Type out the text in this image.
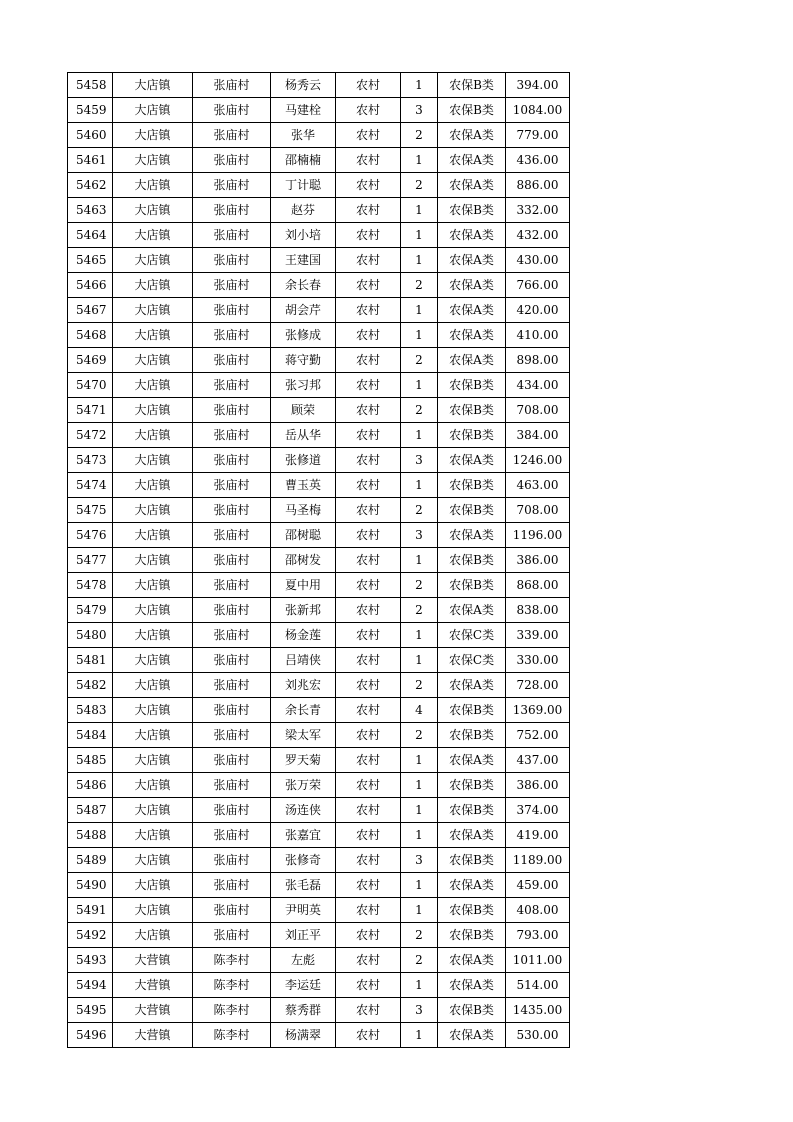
5458	大店镇	张庙村	杨秀云	农村	1	农保B类	394.00
5459	大店镇	张庙村	马建栓	农村	3	农保B类	1084.00
5460	大店镇	张庙村	张华	农村	2	农保A类	779.00
5461	大店镇	张庙村	邵楠楠	农村	1	农保A类	436.00
5462	大店镇	张庙村	丁计聪	农村	2	农保A类	886.00
5463	大店镇	张庙村	赵芬	农村	1	农保B类	332.00
5464	大店镇	张庙村	刘小培	农村	1	农保A类	432.00
5465	大店镇	张庙村	王建国	农村	1	农保A类	430.00
5466	大店镇	张庙村	余长春	农村	2	农保A类	766.00
5467	大店镇	张庙村	胡会芹	农村	1	农保A类	420.00
5468	大店镇	张庙村	张修成	农村	1	农保A类	410.00
5469	大店镇	张庙村	蒋守勤	农村	2	农保A类	898.00
5470	大店镇	张庙村	张习邦	农村	1	农保B类	434.00
5471	大店镇	张庙村	顾荣	农村	2	农保B类	708.00
5472	大店镇	张庙村	岳从华	农村	1	农保B类	384.00
5473	大店镇	张庙村	张修道	农村	3	农保A类	1246.00
5474	大店镇	张庙村	曹玉英	农村	1	农保B类	463.00
5475	大店镇	张庙村	马圣梅	农村	2	农保B类	708.00
5476	大店镇	张庙村	邵树聪	农村	3	农保A类	1196.00
5477	大店镇	张庙村	邵树发	农村	1	农保B类	386.00
5478	大店镇	张庙村	夏中用	农村	2	农保B类	868.00
5479	大店镇	张庙村	张新邦	农村	2	农保A类	838.00
5480	大店镇	张庙村	杨金莲	农村	1	农保C类	339.00
5481	大店镇	张庙村	吕靖侠	农村	1	农保C类	330.00
5482	大店镇	张庙村	刘兆宏	农村	2	农保A类	728.00
5483	大店镇	张庙村	余长青	农村	4	农保B类	1369.00
5484	大店镇	张庙村	梁太军	农村	2	农保B类	752.00
5485	大店镇	张庙村	罗天菊	农村	1	农保A类	437.00
5486	大店镇	张庙村	张万荣	农村	1	农保B类	386.00
5487	大店镇	张庙村	汤连侠	农村	1	农保B类	374.00
5488	大店镇	张庙村	张嘉宜	农村	1	农保A类	419.00
5489	大店镇	张庙村	张修奇	农村	3	农保B类	1189.00
5490	大店镇	张庙村	张毛磊	农村	1	农保A类	459.00
5491	大店镇	张庙村	尹明英	农村	1	农保B类	408.00
5492	大店镇	张庙村	刘正平	农村	2	农保B类	793.00
5493	大营镇	陈李村	左彪	农村	2	农保A类	1011.00
5494	大营镇	陈李村	李运廷	农村	1	农保A类	514.00
5495	大营镇	陈李村	蔡秀群	农村	3	农保B类	1435.00
5496	大营镇	陈李村	杨满翠	农村	1	农保A类	530.00
